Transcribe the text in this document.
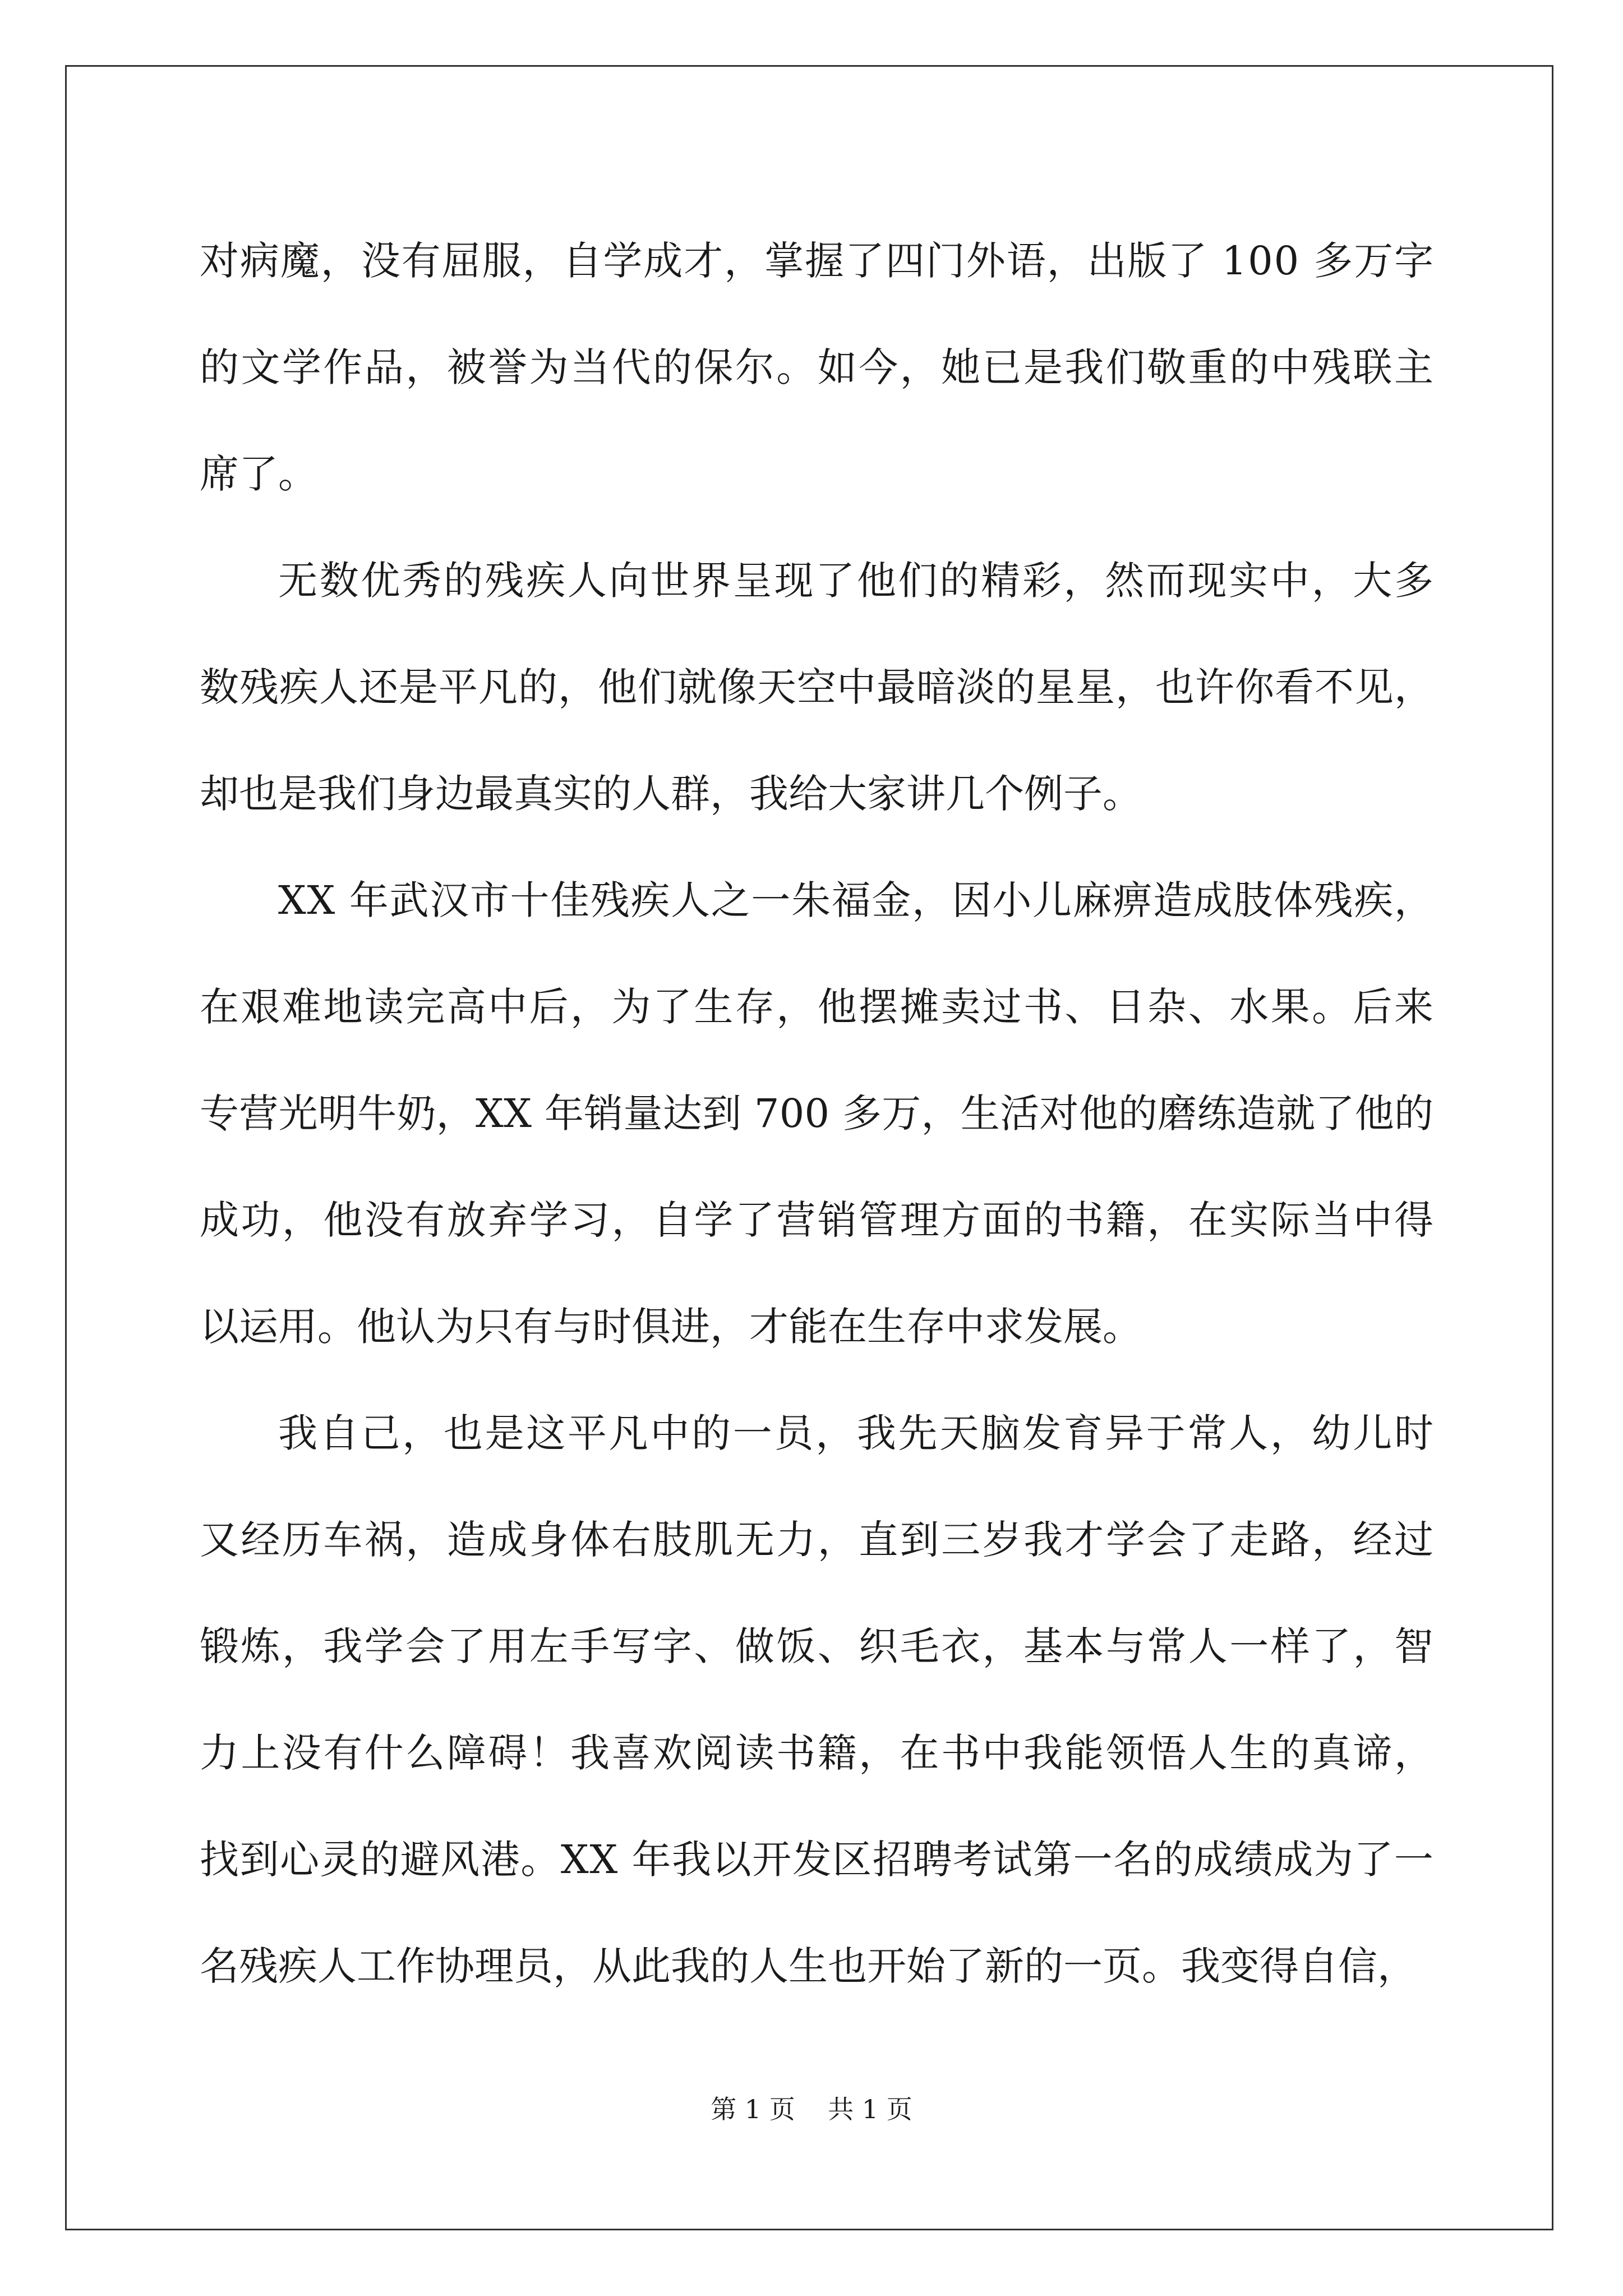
对病魔，没有屈服，自学成才，掌握了四门外语，出版了 100 多万字
的文学作品，被誉为当代的保尔。如今，她已是我们敬重的中残联主
席了。
无数优秀的残疾人向世界呈现了他们的精彩，然而现实中，大多
数残疾人还是平凡的，他们就像天空中最暗淡的星星，也许你看不见，
却也是我们身边最真实的人群，我给大家讲几个例子。
XX 年武汉市十佳残疾人之一朱福金，因小儿麻痹造成肢体残疾，
在艰难地读完高中后，为了生存，他摆摊卖过书、日杂、水果。后来
专营光明牛奶，XX 年销量达到 700 多万，生活对他的磨练造就了他的
成功，他没有放弃学习，自学了营销管理方面的书籍，在实际当中得
以运用。他认为只有与时俱进，才能在生存中求发展。
我自己，也是这平凡中的一员，我先天脑发育异于常人，幼儿时
又经历车祸，造成身体右肢肌无力，直到三岁我才学会了走路，经过
锻炼，我学会了用左手写字、做饭、织毛衣，基本与常人一样了，智
力上没有什么障碍！我喜欢阅读书籍，在书中我能领悟人生的真谛，
找到心灵的避风港。XX 年我以开发区招聘考试第一名的成绩成为了一
名残疾人工作协理员，从此我的人生也开始了新的一页。我变得自信，
第 1 页    共 1 页
